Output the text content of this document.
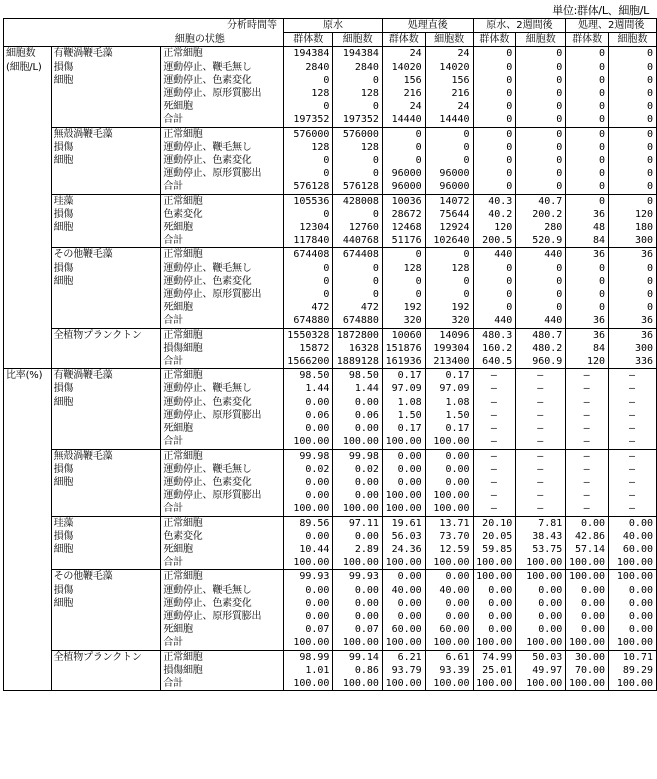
単位:群体/L、細胞/L
		分析時間等	原水		処理直後		原水、2週間後		処理、2週間後	
		細胞の状態	群体数	細胞数	群体数	細胞数	群体数	細胞数	群体数	細胞数
細胞数	有鞭渦鞭毛藻	正常細胞	194384	194384	24	24	0	0	0	0
(細胞/L)	損傷	運動停止、鞭毛無し	2840	2840	14020	14020	0	0	0	0
	細胞	運動停止、色素変化	0	0	156	156	0	0	0	0
		運動停止、原形質膨出	128	128	216	216	0	0	0	0
		死細胞	0	0	24	24	0	0	0	0
		合計	197352	197352	14440	14440	0	0	0	0
	無殻渦鞭毛藻	正常細胞	576000	576000	0	0	0	0	0	0
	損傷	運動停止、鞭毛無し	128	128	0	0	0	0	0	0
	細胞	運動停止、色素変化	0	0	0	0	0	0	0	0
		運動停止、原形質膨出	0	0	96000	96000	0	0	0	0
		合計	576128	576128	96000	96000	0	0	0	0
	珪藻	正常細胞	105536	428008	10036	14072	40.3	40.7	0	0
	損傷	色素変化	0	0	28672	75644	40.2	200.2	36	120
	細胞	死細胞	12304	12760	12468	12924	120	280	48	180
		合計	117840	440768	51176	102640	200.5	520.9	84	300
	その他鞭毛藻	正常細胞	674408	674408	0	0	440	440	36	36
	損傷	運動停止、鞭毛無し	0	0	128	128	0	0	0	0
	細胞	運動停止、色素変化	0	0	0	0	0	0	0	0
		運動停止、原形質膨出	0	0	0	0	0	0	0	0
		死細胞	472	472	192	192	0	0	0	0
		合計	674880	674880	320	320	440	440	36	36
	全植物プランクトン	正常細胞	1550328	1872800	10060	14096	480.3	480.7	36	36
		損傷細胞	15872	16328	151876	199304	160.2	480.2	84	300
		合計	1566200	1889128	161936	213400	640.5	960.9	120	336
比率(%)	有鞭渦鞭毛藻	正常細胞	98.50	98.50	0.17	0.17	—	—	—	—
	損傷	運動停止、鞭毛無し	1.44	1.44	97.09	97.09	—	—	—	—
	細胞	運動停止、色素変化	0.00	0.00	1.08	1.08	—	—	—	—
		運動停止、原形質膨出	0.06	0.06	1.50	1.50	—	—	—	—
		死細胞	0.00	0.00	0.17	0.17	—	—	—	—
		合計	100.00	100.00	100.00	100.00	—	—	—	—
	無殻渦鞭毛藻	正常細胞	99.98	99.98	0.00	0.00	—	—	—	—
	損傷	運動停止、鞭毛無し	0.02	0.02	0.00	0.00	—	—	—	—
	細胞	運動停止、色素変化	0.00	0.00	0.00	0.00	—	—	—	—
		運動停止、原形質膨出	0.00	0.00	100.00	100.00	—	—	—	—
		合計	100.00	100.00	100.00	100.00	—	—	—	—
	珪藻	正常細胞	89.56	97.11	19.61	13.71	20.10	7.81	0.00	0.00
	損傷	色素変化	0.00	0.00	56.03	73.70	20.05	38.43	42.86	40.00
	細胞	死細胞	10.44	2.89	24.36	12.59	59.85	53.75	57.14	60.00
		合計	100.00	100.00	100.00	100.00	100.00	100.00	100.00	100.00
	その他鞭毛藻	正常細胞	99.93	99.93	0.00	0.00	100.00	100.00	100.00	100.00
	損傷	運動停止、鞭毛無し	0.00	0.00	40.00	40.00	0.00	0.00	0.00	0.00
	細胞	運動停止、色素変化	0.00	0.00	0.00	0.00	0.00	0.00	0.00	0.00
		運動停止、原形質膨出	0.00	0.00	0.00	0.00	0.00	0.00	0.00	0.00
		死細胞	0.07	0.07	60.00	60.00	0.00	0.00	0.00	0.00
		合計	100.00	100.00	100.00	100.00	100.00	100.00	100.00	100.00
	全植物プランクトン	正常細胞	98.99	99.14	6.21	6.61	74.99	50.03	30.00	10.71
		損傷細胞	1.01	0.86	93.79	93.39	25.01	49.97	70.00	89.29
		合計	100.00	100.00	100.00	100.00	100.00	100.00	100.00	100.00
